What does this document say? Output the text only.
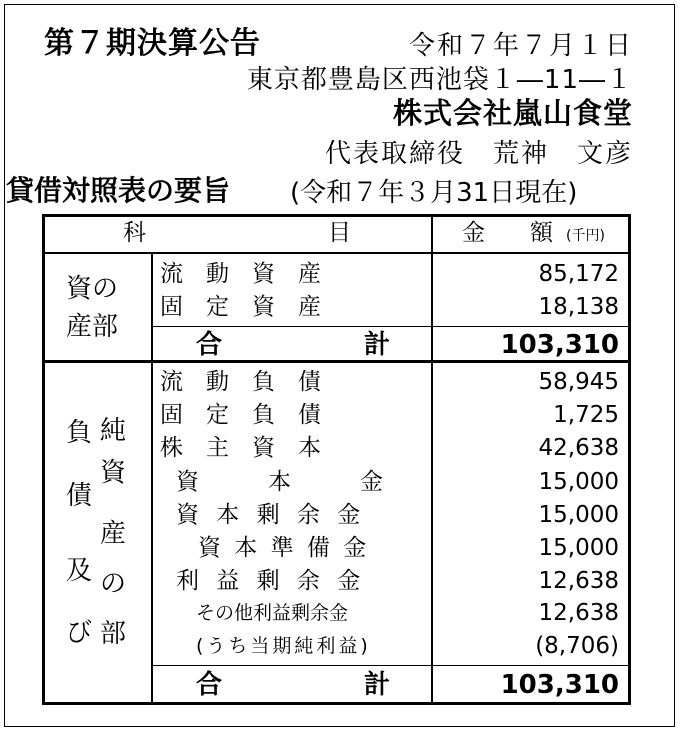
第７期決算公告	令和７年７月１日
東京都豊島区西池袋１―11―１
株式会社嵐山食堂
代表取締役　荒神　文彦
貸借対照表の要旨 (令和７年３月31日現在)
科	目	金 額 (千円)
資の
産部
流　動　資　産	85,172
固　定　資　産	18,138
合	計	103,310
負
債
及
び
純
資
産
の
部
流　動　負　債	58,945
固　定　負　債	1,725
株　主　資　本	42,638
資　　　本　　　金	15,000
資 本 剰 余 金	15,000
資 本 準 備 金	15,000
利 益 剰 余 金	12,638
その他利益剰余金	12,638
(うち当期純利益)	(8,706)
合	計	103,310
